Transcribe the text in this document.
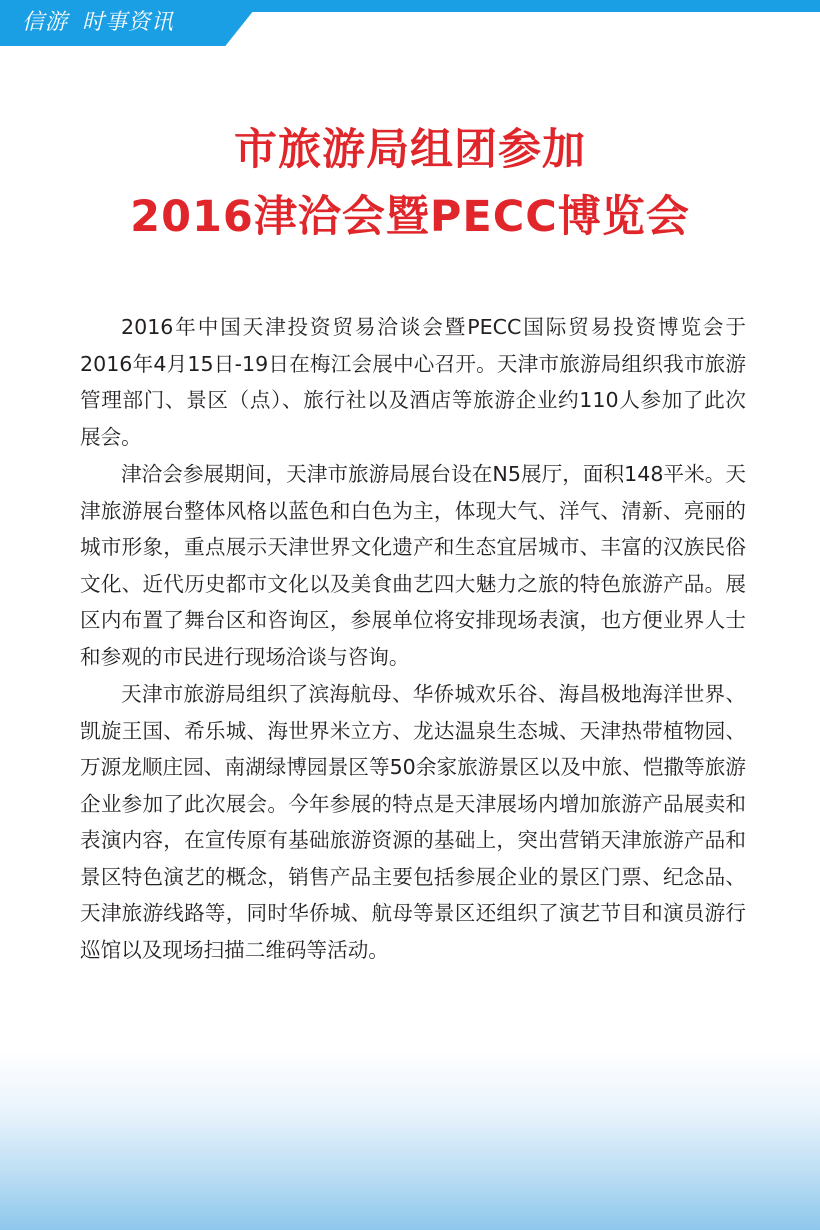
信游 时事资讯
市旅游局组团参加
2016津洽会暨PECC博览会

2016年中国天津投资贸易洽谈会暨PECC国际贸易投资博览会于2016年4月15日-19日在梅江会展中心召开。天津市旅游局组织我市旅游管理部门、景区（点）、旅行社以及酒店等旅游企业约110人参加了此次展会。

津洽会参展期间，天津市旅游局展台设在N5展厅，面积148平米。天津旅游展台整体风格以蓝色和白色为主，体现大气、洋气、清新、亮丽的城市形象，重点展示天津世界文化遗产和生态宜居城市、丰富的汉族民俗文化、近代历史都市文化以及美食曲艺四大魅力之旅的特色旅游产品。展区内布置了舞台区和咨询区，参展单位将安排现场表演，也方便业界人士和参观的市民进行现场洽谈与咨询。

天津市旅游局组织了滨海航母、华侨城欢乐谷、海昌极地海洋世界、凯旋王国、希乐城、海世界米立方、龙达温泉生态城、天津热带植物园、万源龙顺庄园、南湖绿博园景区等50余家旅游景区以及中旅、恺撒等旅游企业参加了此次展会。今年参展的特点是天津展场内增加旅游产品展卖和表演内容，在宣传原有基础旅游资源的基础上，突出营销天津旅游产品和景区特色演艺的概念，销售产品主要包括参展企业的景区门票、纪念品、天津旅游线路等，同时华侨城、航母等景区还组织了演艺节目和演员游行巡馆以及现场扫描二维码等活动。
